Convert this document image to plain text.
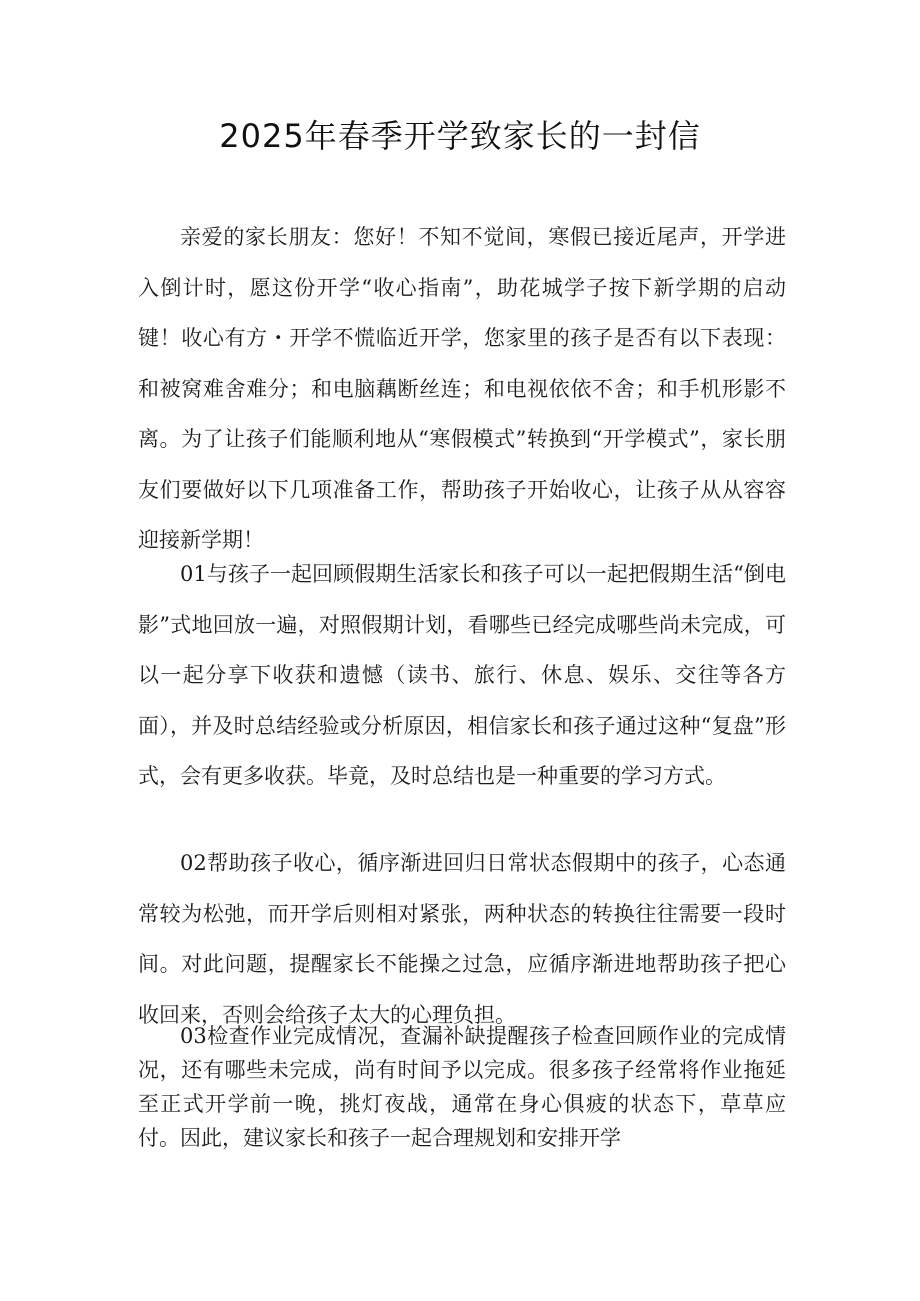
2025年春季开学致家长的一封信

亲爱的家长朋友：您好！不知不觉间，寒假已接近尾声，开学进入倒计时，愿这份开学“收心指南”，助花城学子按下新学期的启动键！收心有方・开学不慌临近开学，您家里的孩子是否有以下表现：和被窝难舍难分；和电脑藕断丝连；和电视依依不舍；和手机形影不离。为了让孩子们能顺利地从“寒假模式”转换到“开学模式”，家长朋友们要做好以下几项准备工作，帮助孩子开始收心，让孩子从从容容迎接新学期！

01与孩子一起回顾假期生活家长和孩子可以一起把假期生活“倒电影”式地回放一遍，对照假期计划，看哪些已经完成哪些尚未完成，可以一起分享下收获和遗憾（读书、旅行、休息、娱乐、交往等各方面），并及时总结经验或分析原因，相信家长和孩子通过这种“复盘”形式，会有更多收获。毕竟，及时总结也是一种重要的学习方式。

02帮助孩子收心，循序渐进回归日常状态假期中的孩子，心态通常较为松弛，而开学后则相对紧张，两种状态的转换往往需要一段时间。对此问题，提醒家长不能操之过急，应循序渐进地帮助孩子把心收回来，否则会给孩子太大的心理负担。

03检查作业完成情况，查漏补缺提醒孩子检查回顾作业的完成情况，还有哪些未完成，尚有时间予以完成。很多孩子经常将作业拖延至正式开学前一晚，挑灯夜战，通常在身心俱疲的状态下，草草应付。因此，建议家长和孩子一起合理规划和安排开学
